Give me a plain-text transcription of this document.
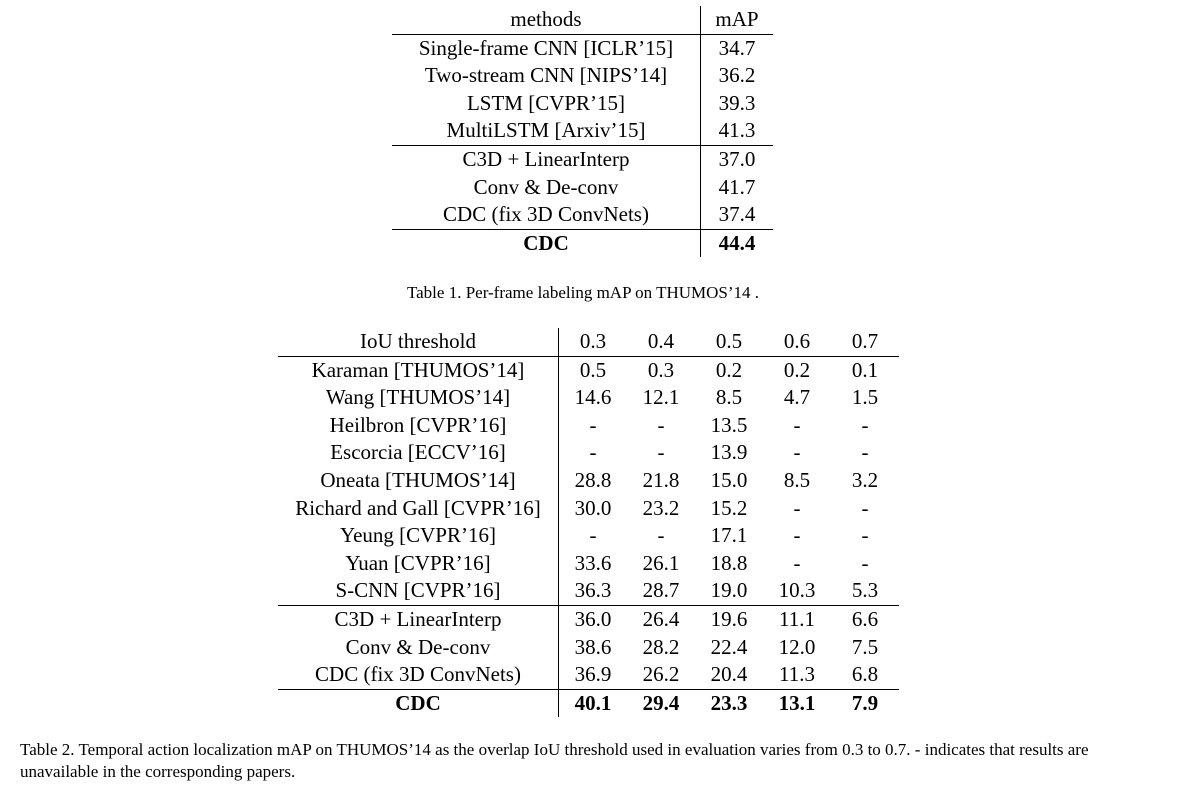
methods	mAP
Single-frame CNN [ICLR’15]	34.7
Two-stream CNN [NIPS’14]	36.2
LSTM [CVPR’15]	39.3
MultiLSTM [Arxiv’15]	41.3
C3D + LinearInterp	37.0
Conv & De-conv	41.7
CDC (fix 3D ConvNets)	37.4
CDC	44.4
Table 1. Per-frame labeling mAP on THUMOS’14 .
IoU threshold	0.3	0.4	0.5	0.6	0.7
Karaman [THUMOS’14]	0.5	0.3	0.2	0.2	0.1
Wang [THUMOS’14]	14.6	12.1	8.5	4.7	1.5
Heilbron [CVPR’16]	-	-	13.5	-	-
Escorcia [ECCV’16]	-	-	13.9	-	-
Oneata [THUMOS’14]	28.8	21.8	15.0	8.5	3.2
Richard and Gall [CVPR’16]	30.0	23.2	15.2	-	-
Yeung [CVPR’16]	-	-	17.1	-	-
Yuan [CVPR’16]	33.6	26.1	18.8	-	-
S-CNN [CVPR’16]	36.3	28.7	19.0	10.3	5.3
C3D + LinearInterp	36.0	26.4	19.6	11.1	6.6
Conv & De-conv	38.6	28.2	22.4	12.0	7.5
CDC (fix 3D ConvNets)	36.9	26.2	20.4	11.3	6.8
CDC	40.1	29.4	23.3	13.1	7.9
Table 2. Temporal action localization mAP on THUMOS’14 as the overlap IoU threshold used in evaluation varies from 0.3 to 0.7. - indicates that results are unavailable in the corresponding papers.
